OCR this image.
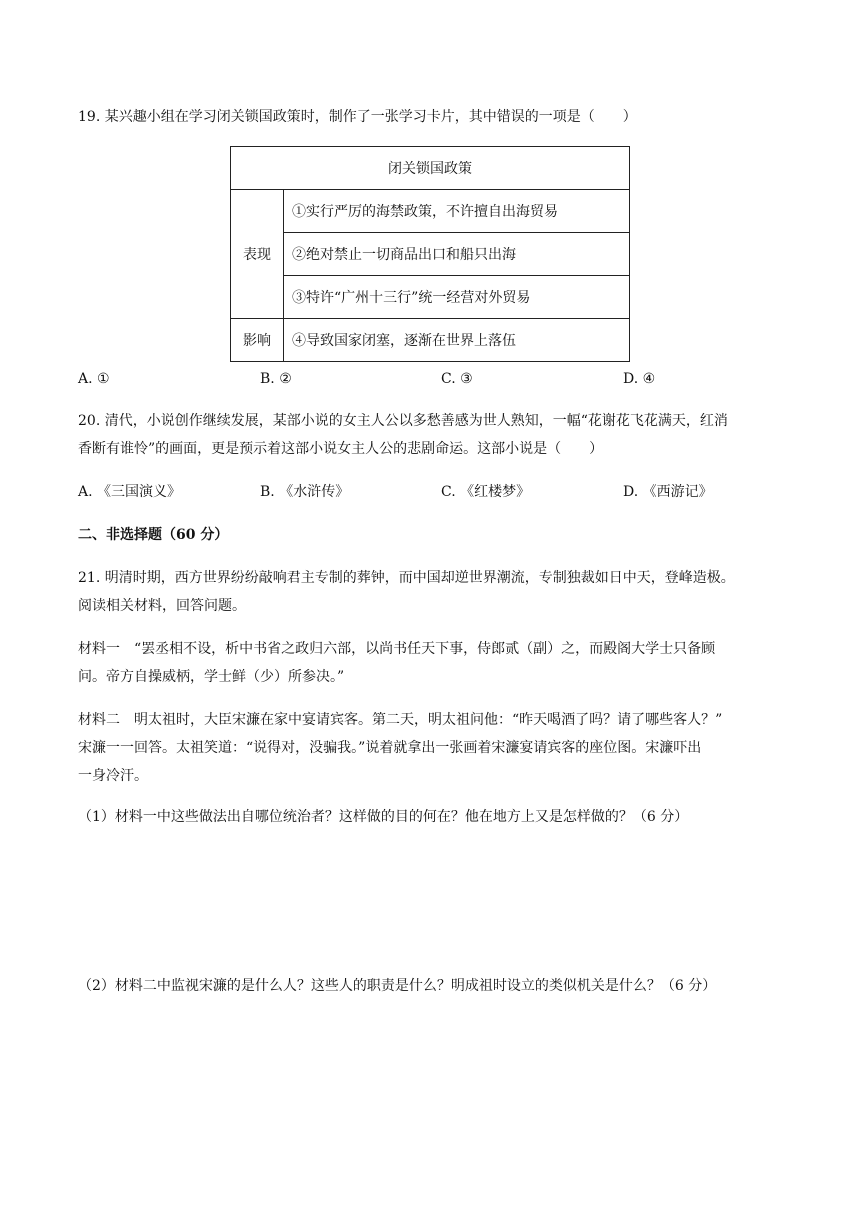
19. 某兴趣小组在学习闭关锁国政策时，制作了一张学习卡片，其中错误的一项是（　　）
闭关锁国政策	
表现	①实行严厉的海禁政策，不许擅自出海贸易
	②绝对禁止一切商品出口和船只出海
	③特许“广州十三行”统一经营对外贸易
影响	④导致国家闭塞，逐渐在世界上落伍
A. ①	B. ②	C. ③	D. ④
20. 清代，小说创作继续发展，某部小说的女主人公以多愁善感为世人熟知，一幅“花谢花飞花满天，红消
香断有谁怜”的画面，更是预示着这部小说女主人公的悲剧命运。这部小说是（　　）
A. 《三国演义》	B. 《水浒传》	C. 《红楼梦》	D. 《西游记》
二、非选择题（60 分）
21. 明清时期，西方世界纷纷敲响君主专制的葬钟，而中国却逆世界潮流，专制独裁如日中天，登峰造极。
阅读相关材料，回答问题。
材料一　“罢丞相不设，析中书省之政归六部，以尚书任天下事，侍郎贰（副）之，而殿阁大学士只备顾
问。帝方自操威柄，学士鲜（少）所参决。”
材料二　明太祖时，大臣宋濂在家中宴请宾客。第二天，明太祖问他：“昨天喝酒了吗？请了哪些客人？”
宋濂一一回答。太祖笑道：“说得对，没骗我。”说着就拿出一张画着宋濂宴请宾客的座位图。宋濂吓出
一身冷汗。
（1）材料一中这些做法出自哪位统治者？这样做的目的何在？他在地方上又是怎样做的？（6 分）
（2）材料二中监视宋濂的是什么人？这些人的职责是什么？明成祖时设立的类似机关是什么？（6 分）
